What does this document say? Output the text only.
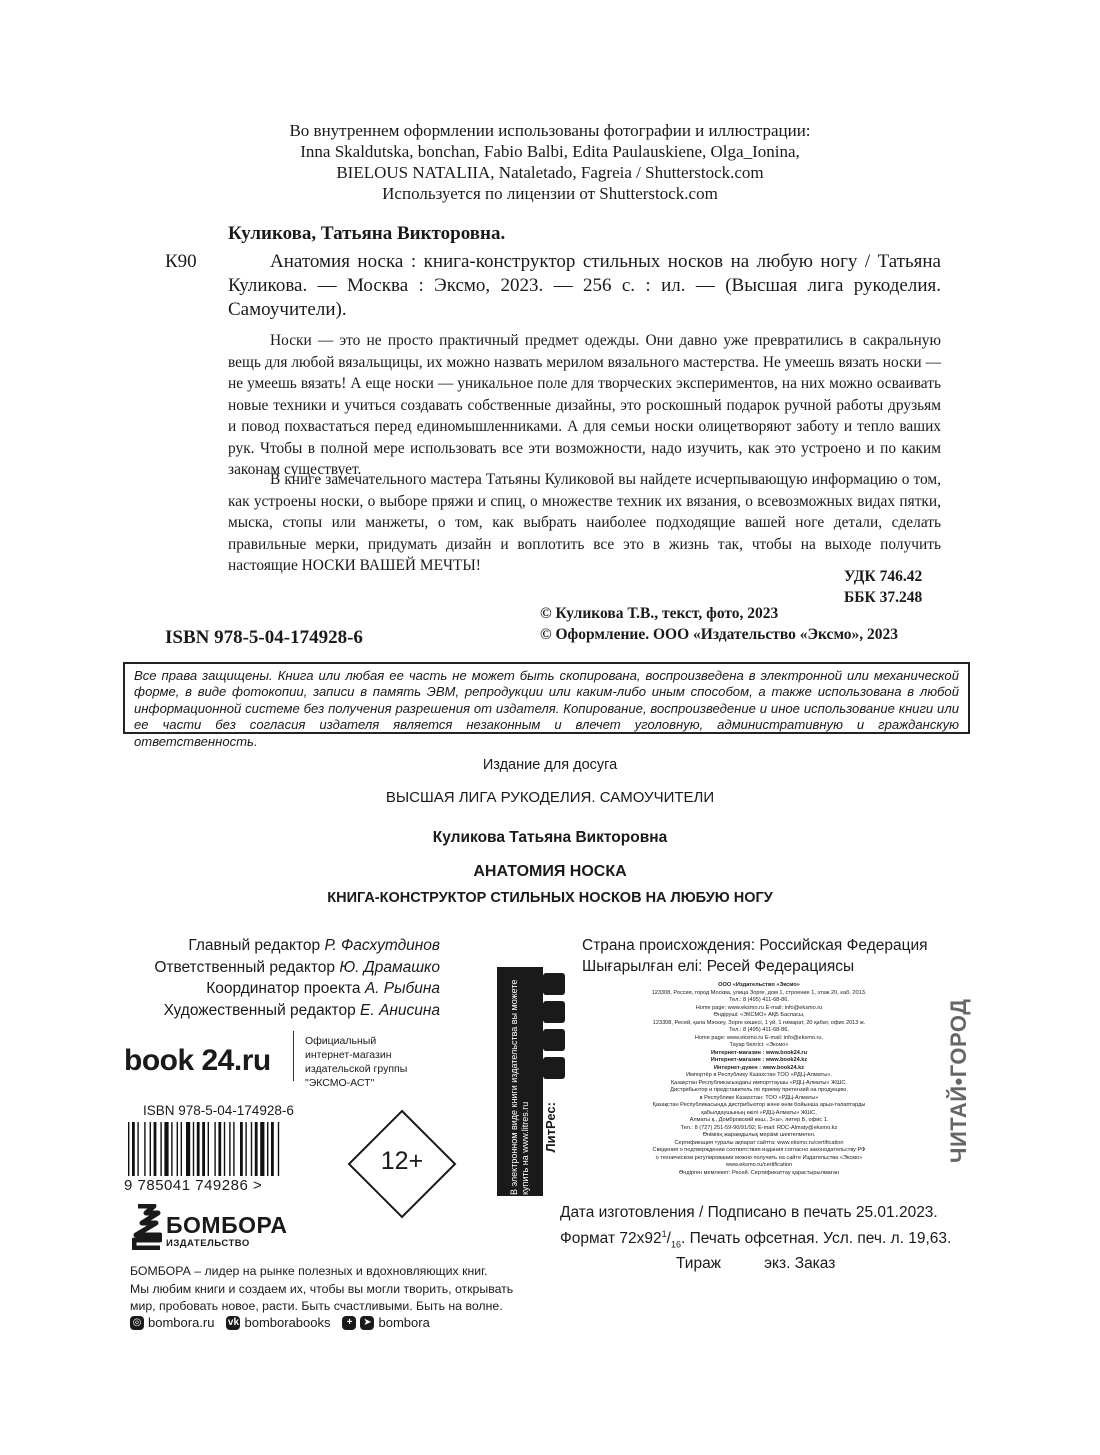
Во внутреннем оформлении использованы фотографии и иллюстрации:
Inna Skaldutska, bonchan, Fabio Balbi, Edita Paulauskiene, Olga_Ionina,
BIELOUS NATALIIA, Nataletado, Fagreia / Shutterstock.com
Используется по лицензии от Shutterstock.com
Куликова, Татьяна Викторовна.
К90	Анатомия носка : книга-конструктор стильных носков на любую ногу / Татьяна Куликова. — Москва : Эксмо, 2023. — 256 с. : ил. — (Высшая лига рукоделия. Самоучители).

Носки — это не просто практичный предмет одежды. Они давно уже превратились в сакральную вещь для любой вязальщицы, их можно назвать мерилом вязального мастерства. Не умеешь вязать носки — не умеешь вязать! А еще носки — уникальное поле для творческих экспериментов, на них можно осваивать новые техники и учиться создавать собственные дизайны, это роскошный подарок ручной работы друзьям и повод похвастаться перед единомышленниками. А для семьи носки олицетворяют заботу и тепло ваших рук. Чтобы в полной мере использовать все эти возможности, надо изучить, как это устроено и по каким законам существует.

В книге замечательного мастера Татьяны Куликовой вы найдете исчерпывающую информацию о том, как устроены носки, о выборе пряжи и спиц, о множестве техник их вязания, о всевозможных видах пятки, мыска, стопы или манжеты, о том, как выбрать наиболее подходящие вашей ноге детали, сделать правильные мерки, придумать дизайн и воплотить все это в жизнь так, чтобы на выходе получить настоящие НОСКИ ВАШЕЙ МЕЧТЫ!

УДК 746.42
ББК 37.248
ISBN 978-5-04-174928-6
© Куликова Т.В., текст, фото, 2023
© Оформление. ООО «Издательство «Эксмо», 2023
Все права защищены. Книга или любая ее часть не может быть скопирована, воспроизведена в электронной или механической форме, в виде фотокопии, записи в память ЭВМ, репродукции или каким-либо иным способом, а также использована в любой информационной системе без получения разрешения от издателя. Копирование, воспроизведение и иное использование книги или ее части без согласия издателя является незаконным и влечет уголовную, административную и гражданскую ответственность.
Издание для досуга
ВЫСШАЯ ЛИГА РУКОДЕЛИЯ. САМОУЧИТЕЛИ
Куликова Татьяна Викторовна
АНАТОМИЯ НОСКА
КНИГА-КОНСТРУКТОР СТИЛЬНЫХ НОСКОВ НА ЛЮБУЮ НОГУ
Главный редактор Р. Фасхутдинов
Ответственный редактор Ю. Драмашко
Координатор проекта А. Рыбина
Художественный редактор Е. Анисина
book 24.ru
Официальный
интернет-магазин
издательской группы
"ЭКСМО-АСТ"
ISBN 978-5-04-174928-6
9 785041 749286 >
12+
БОМБОРА
ИЗДАТЕЛЬСТВО
БОМБОРА – лидер на рынке полезных и вдохновляющих книг.
Мы любим книги и создаем их, чтобы вы могли творить, открывать
мир, пробовать новое, расти. Быть счастливыми. Быть на волне.
◎ bombora.ru vk bomborabooks	+	➤ bombora
В электронном виде книги издательства вы можете купить на www.litres.ru ЛитРес:
Страна происхождения: Российская Федерация
Шығарылған елі: Ресей Федерациясы
ООО «Издательство «Эксмо»
123308, Россия, город Москва, улица Зорге, дом 1, строение 1, этаж 20, каб. 2013.
Тел.: 8 (495) 411-68-86.
Home page: www.eksmo.ru E-mail: info@eksmo.ru
Өндіруші: «ЭКСМО» АҚБ Баспасы,
123308, Ресей, қала Мәскеу, Зорге көшесі, 1 үй, 1 ғимарат, 20 қабат, офис 2013 ж.
Тел.: 8 (495) 411-68-86.
Home page: www.eksmo.ru E-mail: info@eksmo.ru.
Тауар белгісі: «Эксмо»
Интернет-магазин : www.book24.ru
Интернет-магазин : www.book24.kz
Интернет-дүкен : www.book24.kz
Импортёр в Республику Казахстан ТОО «РДЦ-Алматы».
Қазақстан Республикасындағы импорттаушы «РДЦ-Алматы» ЖШС.
Дистрибьютор и представитель по приему претензий на продукцию,
в Республике Казахстан: ТОО «РДЦ-Алматы»
Қазақстан Республикасында дистрибьютор және өнім бойынша арыз-талаптарды
қабылдаушының өкілі «РДЦ-Алматы» ЖШС,
Алматы қ., Домбровский көш., 3«а», литер Б, офис 1.
Тел.: 8 (727) 251-59-90/91/92; E-mail: RDC-Almaty@eksmo.kz
Өнімнің жарамдылық мерзімі шектелмеген.
Сертификация туралы ақпарат сайтта: www.eksmo.ru/certification
Сведения о подтверждении соответствия издания согласно законодательству РФ
о техническом регулировании можно получить на сайте Издательства «Эксмо»
www.eksmo.ru/certification
Өндірген мемлекет: Ресей. Сертификаттау қарастырылмаған
ЧИТАЙ•ГОРОД
Дата изготовления / Подписано в печать 25.01.2023.
Формат $72х92^1/_{16}$. Печать офсетная. Усл. печ. л. 19,63.
Тираж          экз. Заказ
